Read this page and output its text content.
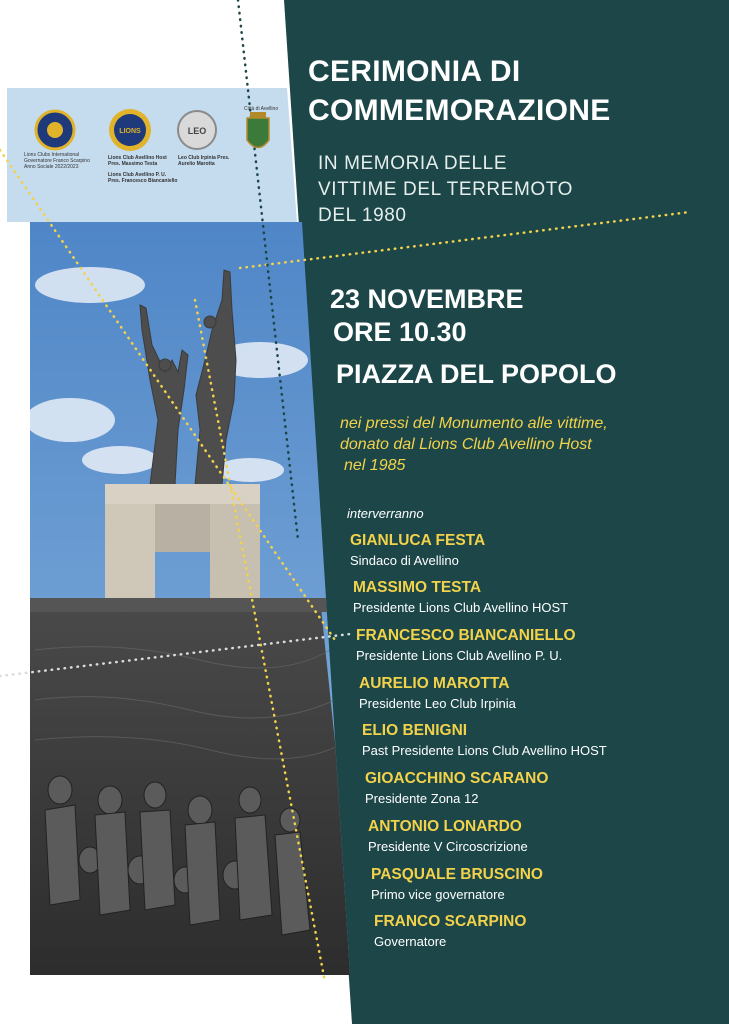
LIONS	LEO
Lions Clubs International Governatore Franco Scarpino Anno Sociale 2022/2023
Lions Club Avellino Host Pres. Massimo Testa
Lions Club Avellino P. U. Pres. Francesco Biancaniello
Leo Club Irpinia Pres. Aurelio Marotta
Città di Avellino
CERIMONIA DI
COMMEMORAZIONE
IN MEMORIA DELLE
VITTIME DEL TERREMOTO
DEL 1980
23 NOVEMBRE
ORE 10.30
PIAZZA DEL POPOLO
nei pressi del Monumento alle vittime,
donato dal Lions Club Avellino Host
nel 1985
interverranno
GIANLUCA FESTA
Sindaco di Avellino
MASSIMO TESTA
Presidente Lions Club Avellino HOST
FRANCESCO BIANCANIELLO
Presidente Lions Club Avellino P. U.
AURELIO MAROTTA
Presidente Leo Club Irpinia
ELIO BENIGNI
Past Presidente Lions Club Avellino HOST
GIOACCHINO SCARANO
Presidente Zona 12
ANTONIO LONARDO
Presidente V Circoscrizione
PASQUALE BRUSCINO
Primo vice governatore
FRANCO SCARPINO
Governatore
